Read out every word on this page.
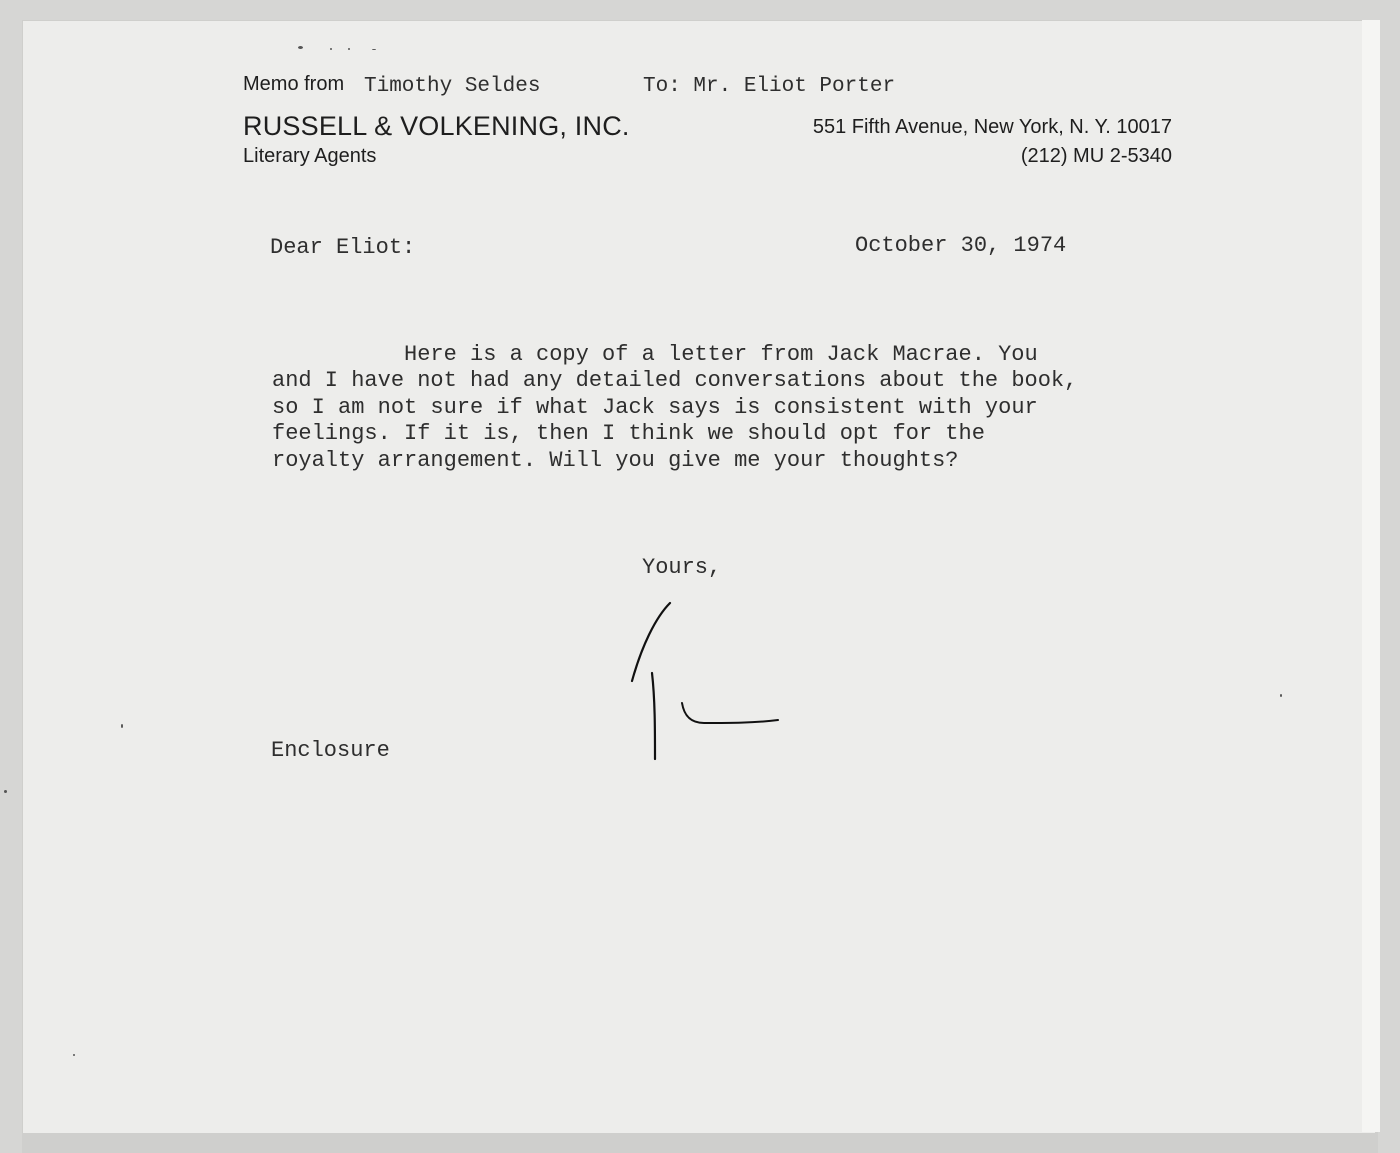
Memo from Timothy Seldes	To: Mr. Eliot Porter
RUSSELL & VOLKENING, INC.	551 Fifth Avenue, New York, N. Y. 10017
Literary Agents	(212) MU 2-5340
Dear Eliot:	October 30, 1974
Here is a copy of a letter from Jack Macrae. You
and I have not had any detailed conversations about the book,
so I am not sure if what Jack says is consistent with your
feelings. If it is, then I think we should opt for the
royalty arrangement. Will you give me your thoughts?
Yours,
Enclosure
